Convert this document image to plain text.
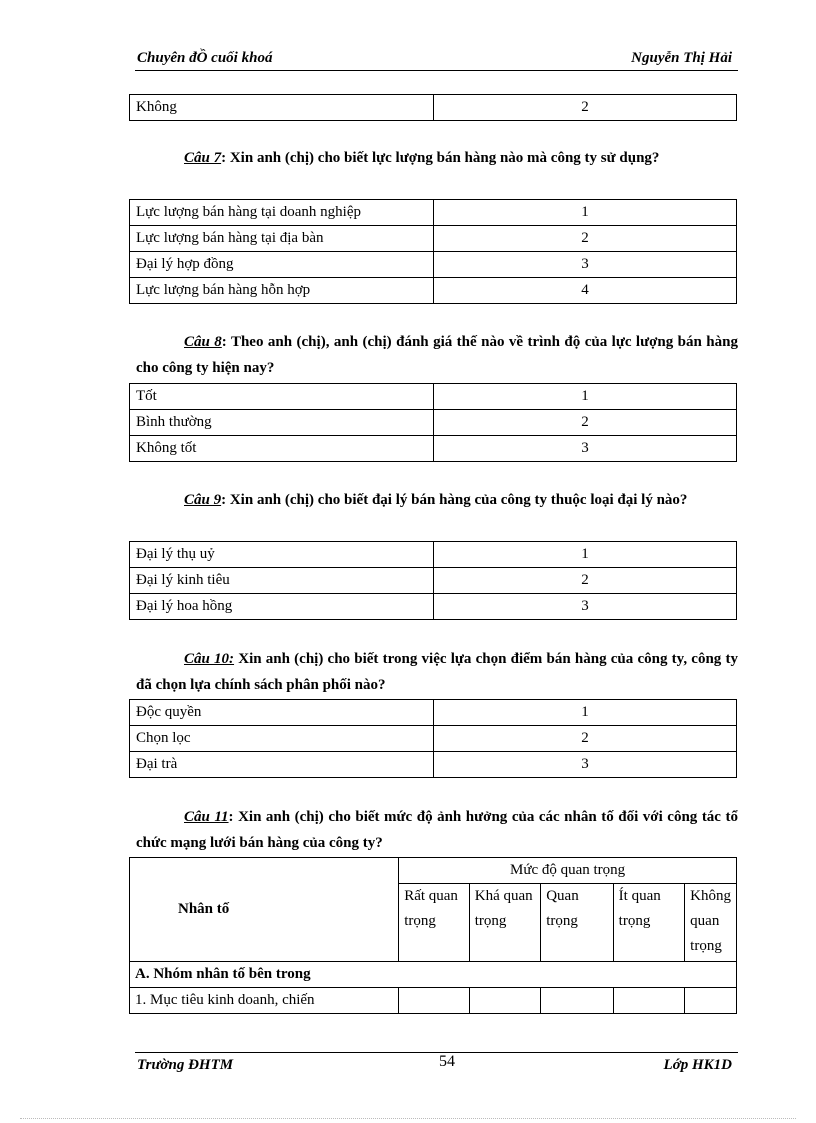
Chuyên đỒ cuối khoá	Nguyễn Thị Hải
Không	2
Câu 7: Xin anh (chị) cho biết lực lượng bán hàng nào mà công ty sử dụng?
Lực lượng bán hàng tại doanh nghiệp	1
Lực lượng bán hàng tại địa bàn	2
Đại lý hợp đồng	3
Lực lượng bán hàng hỗn hợp	4
Câu 8: Theo anh (chị), anh (chị) đánh giá thế nào về trình độ của lực lượng bán hàng cho công ty hiện nay?
Tốt	1
Bình thường	2
Không tốt	3
Câu 9: Xin anh (chị) cho biết đại lý bán hàng của công ty thuộc loại đại lý nào?
Đại lý thụ uỷ	1
Đại lý kinh tiêu	2
Đại lý hoa hồng	3
Câu 10: Xin anh (chị) cho biết trong việc lựa chọn điểm bán hàng của công ty, công ty đã chọn lựa chính sách phân phối nào?
Độc quyền	1
Chọn lọc	2
Đại trà	3
Câu 11: Xin anh (chị) cho biết mức độ ảnh hưởng của các nhân tố đối với công tác tổ chức mạng lưới bán hàng của công ty?
Nhân tố	Mức độ quan trọng				
	Rất quan trọng	Khá quan trọng	Quan trọng	Ít quan trọng	Không quan trọng
A. Nhóm nhân tố bên trong					
1. Mục tiêu kinh doanh, chiến					
Trường ĐHTM	54	Lớp HK1D
